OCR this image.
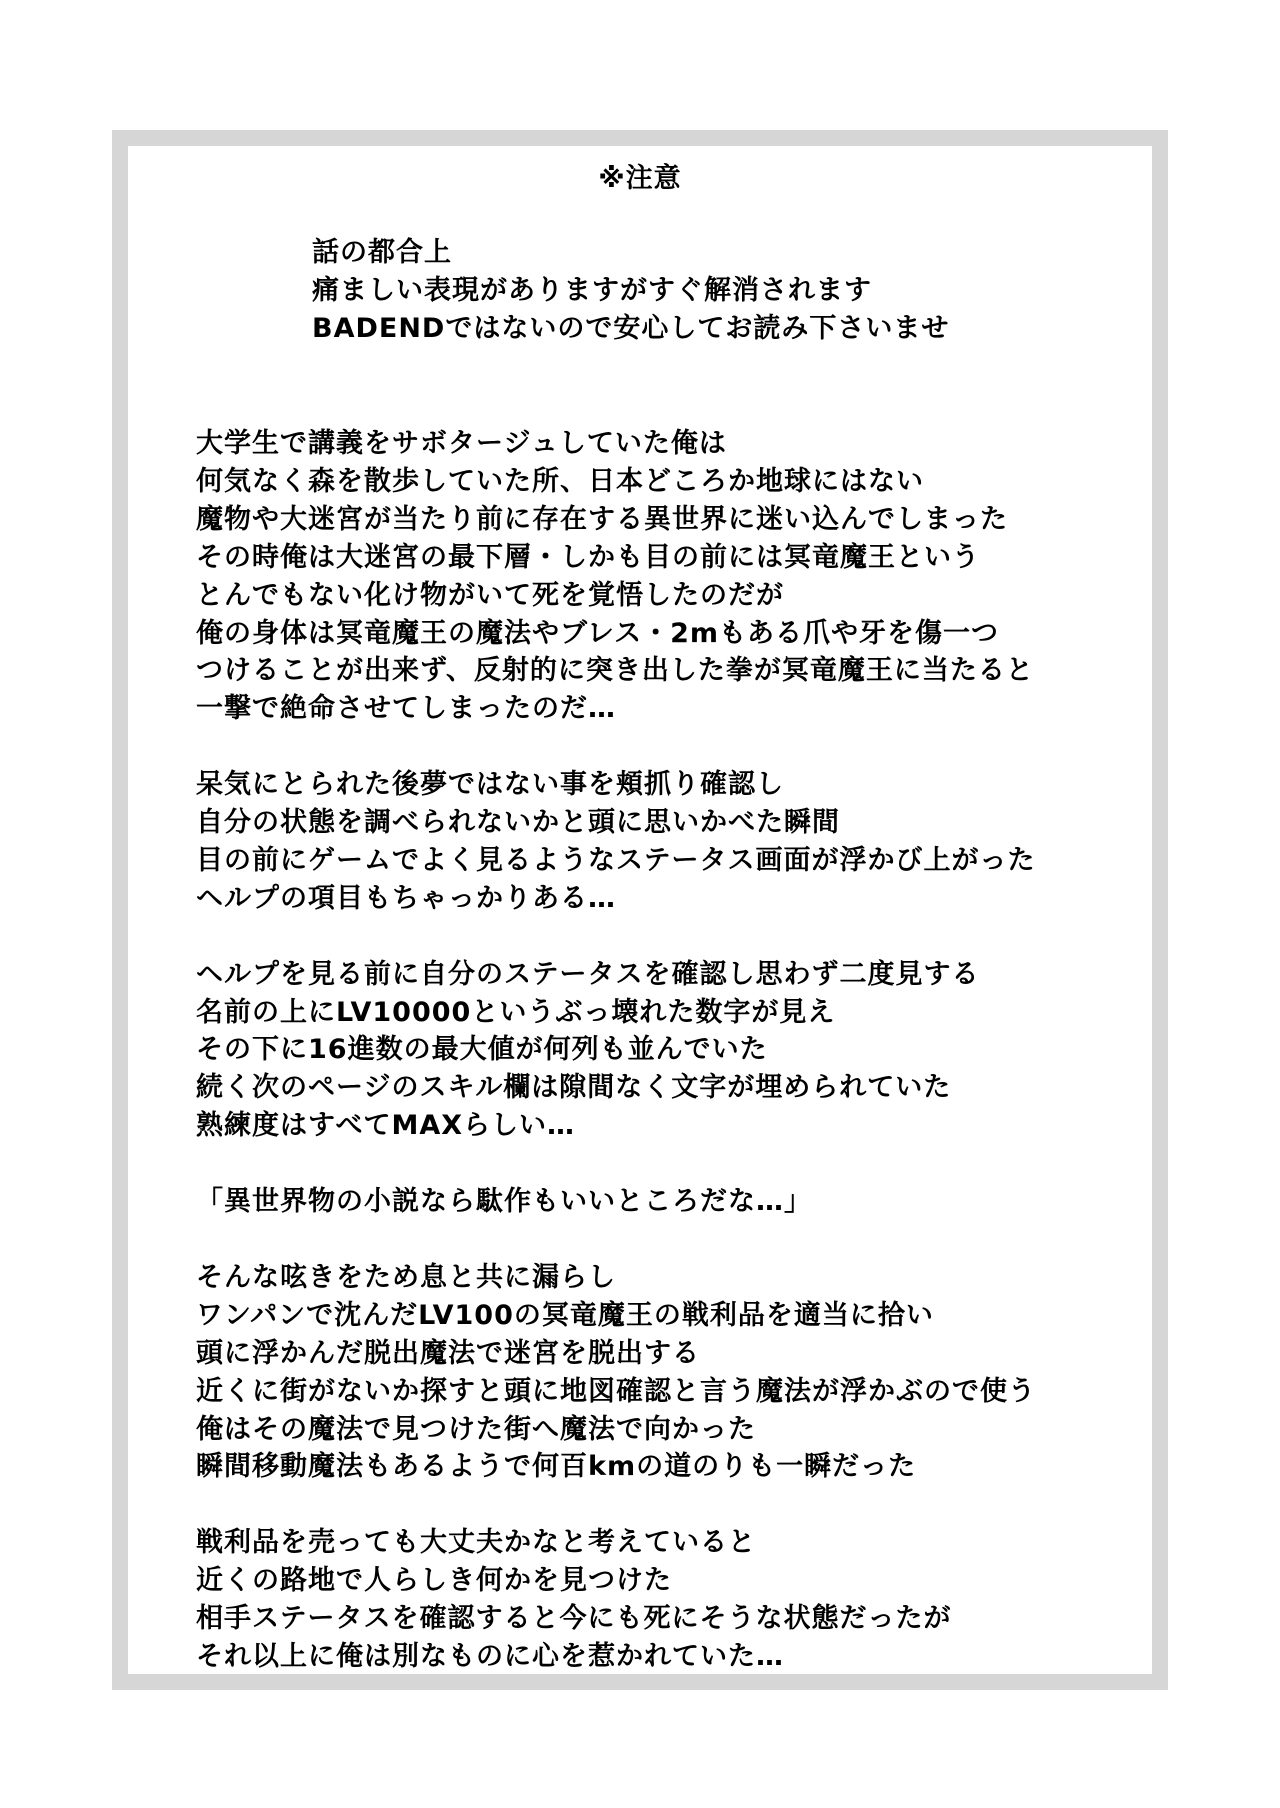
※注意
話の都合上
痛ましい表現がありますがすぐ解消されます
BADENDではないので安心してお読み下さいませ
大学生で講義をサボタージュしていた俺は
何気なく森を散歩していた所、日本どころか地球にはない
魔物や大迷宮が当たり前に存在する異世界に迷い込んでしまった
その時俺は大迷宮の最下層・しかも目の前には冥竜魔王という
とんでもない化け物がいて死を覚悟したのだが
俺の身体は冥竜魔王の魔法やブレス・2mもある爪や牙を傷一つ
つけることが出来ず、反射的に突き出した拳が冥竜魔王に当たると
一撃で絶命させてしまったのだ…
呆気にとられた後夢ではない事を頬抓り確認し
自分の状態を調べられないかと頭に思いかべた瞬間
目の前にゲームでよく見るようなステータス画面が浮かび上がった
ヘルプの項目もちゃっかりある…
ヘルプを見る前に自分のステータスを確認し思わず二度見する
名前の上にLV10000というぶっ壊れた数字が見え
その下に16進数の最大値が何列も並んでいた
続く次のページのスキル欄は隙間なく文字が埋められていた
熟練度はすべてMAXらしい…
「異世界物の小説なら駄作もいいところだな…」
そんな呟きをため息と共に漏らし
ワンパンで沈んだLV100の冥竜魔王の戦利品を適当に拾い
頭に浮かんだ脱出魔法で迷宮を脱出する
近くに街がないか探すと頭に地図確認と言う魔法が浮かぶので使う
俺はその魔法で見つけた街へ魔法で向かった
瞬間移動魔法もあるようで何百kmの道のりも一瞬だった
戦利品を売っても大丈夫かなと考えていると
近くの路地で人らしき何かを見つけた
相手ステータスを確認すると今にも死にそうな状態だったが
それ以上に俺は別なものに心を惹かれていた…
